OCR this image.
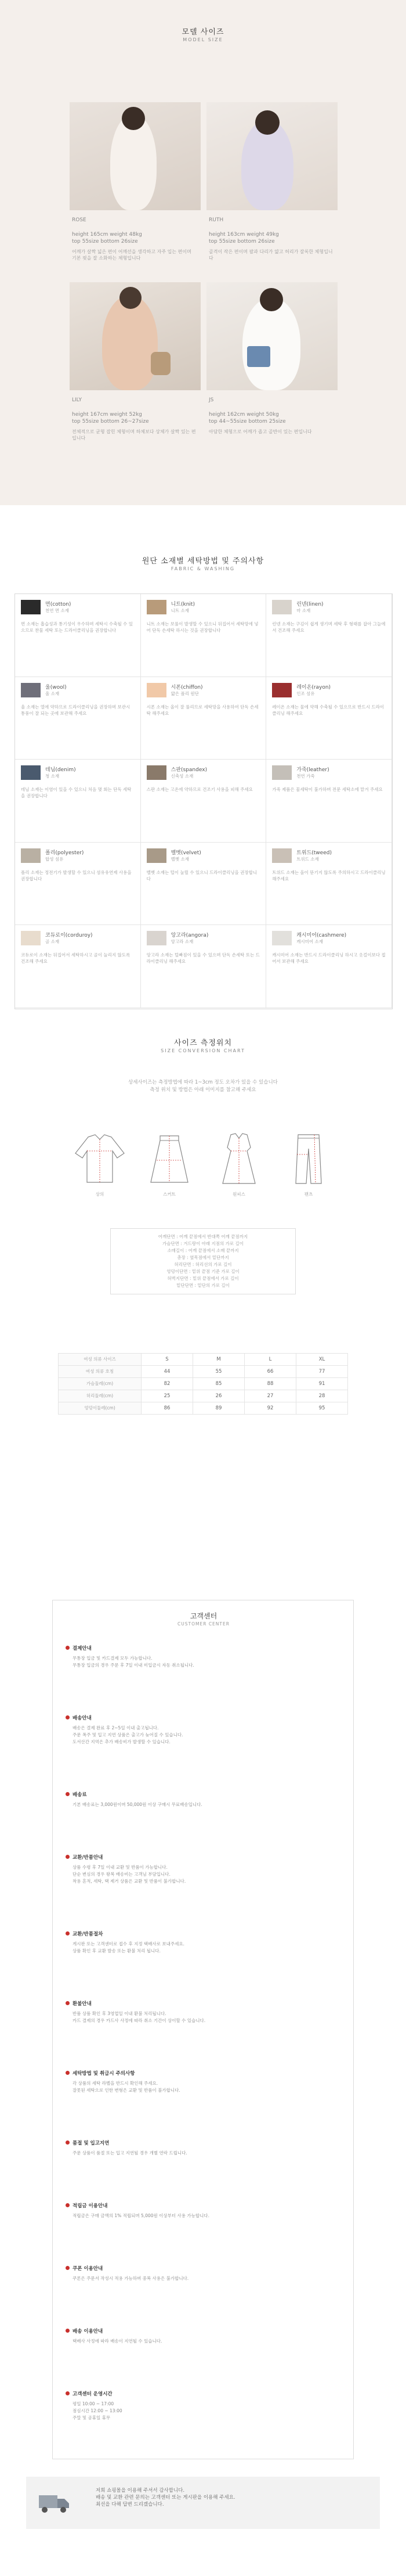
모델 사이즈
MODEL SIZE
ROSE
height 165cm weight 48kg
top 55size bottom 26size
어깨가 살짝 넓은 편이 어깨선을 생각하고 자주 입는 편이며 기본 핏을 잘 소화하는 체형입니다
RUTH
height 163cm weight 49kg
top 55size bottom 26size
골격이 작은 편이며 팔과 다리가 얇고 허리가 잘록한 체형입니다
LILY
height 167cm weight 52kg
top 55size bottom 26~27size
전체적으로 균형 잡힌 체형이며 하체보다 상체가 살짝 있는 편입니다
JS
height 162cm weight 50kg
top 44~55size bottom 25size
아담한 체형으로 어깨가 좁고 골반이 있는 편입니다
원단 소재별 세탁방법 및 주의사항
FABRIC & WASHING
면(cotton)
천연 면 소재
면 소재는 흡습성과 통기성이 우수하며 세탁시 수축될 수 있으므로 찬물 세탁 또는 드라이클리닝을 권장합니다
니트(knit)
니트 소재
니트 소재는 보풀이 발생할 수 있으니 뒤집어서 세탁망에 넣어 단독 손세탁 하시는 것을 권장합니다
린넨(linen)
마 소재
린넨 소재는 구김이 쉽게 생기며 세탁 후 형태를 잡아 그늘에서 건조해 주세요
울(wool)
울 소재
울 소재는 열에 약하므로 드라이클리닝을 권장하며 보관시 통풍이 잘 되는 곳에 보관해 주세요
시폰(chiffon)
얇은 폴리 원단
시폰 소재는 올이 잘 풀리므로 세탁망을 사용하여 단독 손세탁 해주세요
레이온(rayon)
인조 섬유
레이온 소재는 물에 약해 수축될 수 있으므로 반드시 드라이클리닝 해주세요
데님(denim)
청 소재
데님 소재는 이염이 있을 수 있으니 처음 몇 회는 단독 세탁을 권장합니다
스판(spandex)
신축성 소재
스판 소재는 고온에 약하므로 건조기 사용을 피해 주세요
가죽(leather)
천연 가죽
가죽 제품은 물세탁이 불가하며 전문 세탁소에 맡겨 주세요
폴리(polyester)
합성 섬유
폴리 소재는 정전기가 발생할 수 있으니 섬유유연제 사용을 권장합니다
벨벳(velvet)
벨벳 소재
벨벳 소재는 털이 눌릴 수 있으니 드라이클리닝을 권장합니다
트위드(tweed)
트위드 소재
트위드 소재는 올이 뜯기지 않도록 주의하시고 드라이클리닝 해주세요
코듀로이(corduroy)
골 소재
코듀로이 소재는 뒤집어서 세탁하시고 골이 눌리지 않도록 건조해 주세요
앙고라(angora)
앙고라 소재
앙고라 소재는 털빠짐이 있을 수 있으며 단독 손세탁 또는 드라이클리닝 해주세요
캐시미어(cashmere)
캐시미어 소재
캐시미어 소재는 반드시 드라이클리닝 하시고 옷걸이보다 접어서 보관해 주세요
사이즈 측정위치
SIZE CONVERSION CHART
상세사이즈는 측정방법에 따라 1~3cm 정도 오차가 있을 수 있습니다
측정 위치 및 방법은 아래 이미지를 참고해 주세요
상의	스커트	원피스	팬츠
어깨단면 : 어깨 끝점에서 반대쪽 어깨 끝점까지
가슴단면 : 겨드랑이 아래 지점의 가로 길이
소매길이 : 어깨 끝점에서 소매 끝까지
총장 : 옆목점에서 밑단까지
허리단면 : 허리선의 가로 길이
엉덩이단면 : 밑위 끝점 기준 가로 길이
허벅지단면 : 밑위 끝점에서 가로 길이
밑단단면 : 밑단의 가로 길이
여성 의류 사이즈	S	M	L	XL
여성 의류 호칭	44	55	66	77
가슴둘레(cm)	82	85	88	91
허리둘레(cm)	25	26	27	28
엉덩이둘레(cm)	86	89	92	95
고객센터
CUSTOMER CENTER
결제안내
무통장 입금 및 카드결제 모두 가능합니다.
무통장 입금의 경우 주문 후 7일 이내 미입금시 자동 취소됩니다.
배송안내
배송은 결제 완료 후 2~5일 이내 출고됩니다.
주문 폭주 및 입고 지연 상품은 출고가 늦어질 수 있습니다.
도서산간 지역은 추가 배송비가 발생할 수 있습니다.
배송료
기본 배송료는 3,000원이며 50,000원 이상 구매시 무료배송입니다.
교환/반품안내
상품 수령 후 7일 이내 교환 및 반품이 가능합니다.
단순 변심의 경우 왕복 배송비는 고객님 부담입니다.
착용 흔적, 세탁, 택 제거 상품은 교환 및 반품이 불가합니다.
교환/반품절차
게시판 또는 고객센터로 접수 후 지정 택배사로 보내주세요.
상품 확인 후 교환 발송 또는 환불 처리 됩니다.
환불안내
반품 상품 확인 후 3영업일 이내 환불 처리됩니다.
카드 결제의 경우 카드사 사정에 따라 취소 기간이 상이할 수 있습니다.
세탁방법 및 취급시 주의사항
각 상품의 세탁 라벨을 반드시 확인해 주세요.
잘못된 세탁으로 인한 변형은 교환 및 반품이 불가합니다.
품절 및 입고지연
주문 상품이 품절 또는 입고 지연될 경우 개별 연락 드립니다.
적립금 이용안내
적립금은 구매 금액의 1% 적립되며 5,000원 이상부터 사용 가능합니다.
쿠폰 이용안내
쿠폰은 주문서 작성시 적용 가능하며 중복 사용은 불가합니다.
배송 이용안내
택배사 사정에 따라 배송이 지연될 수 있습니다.
고객센터 운영시간
평일 10:00 ~ 17:00
점심시간 12:00 ~ 13:00
주말 및 공휴일 휴무
저희 쇼핑몰을 이용해 주셔서 감사합니다.
배송 및 교환 관련 문의는 고객센터 또는 게시판을 이용해 주세요.
최선을 다해 답변 드리겠습니다.
